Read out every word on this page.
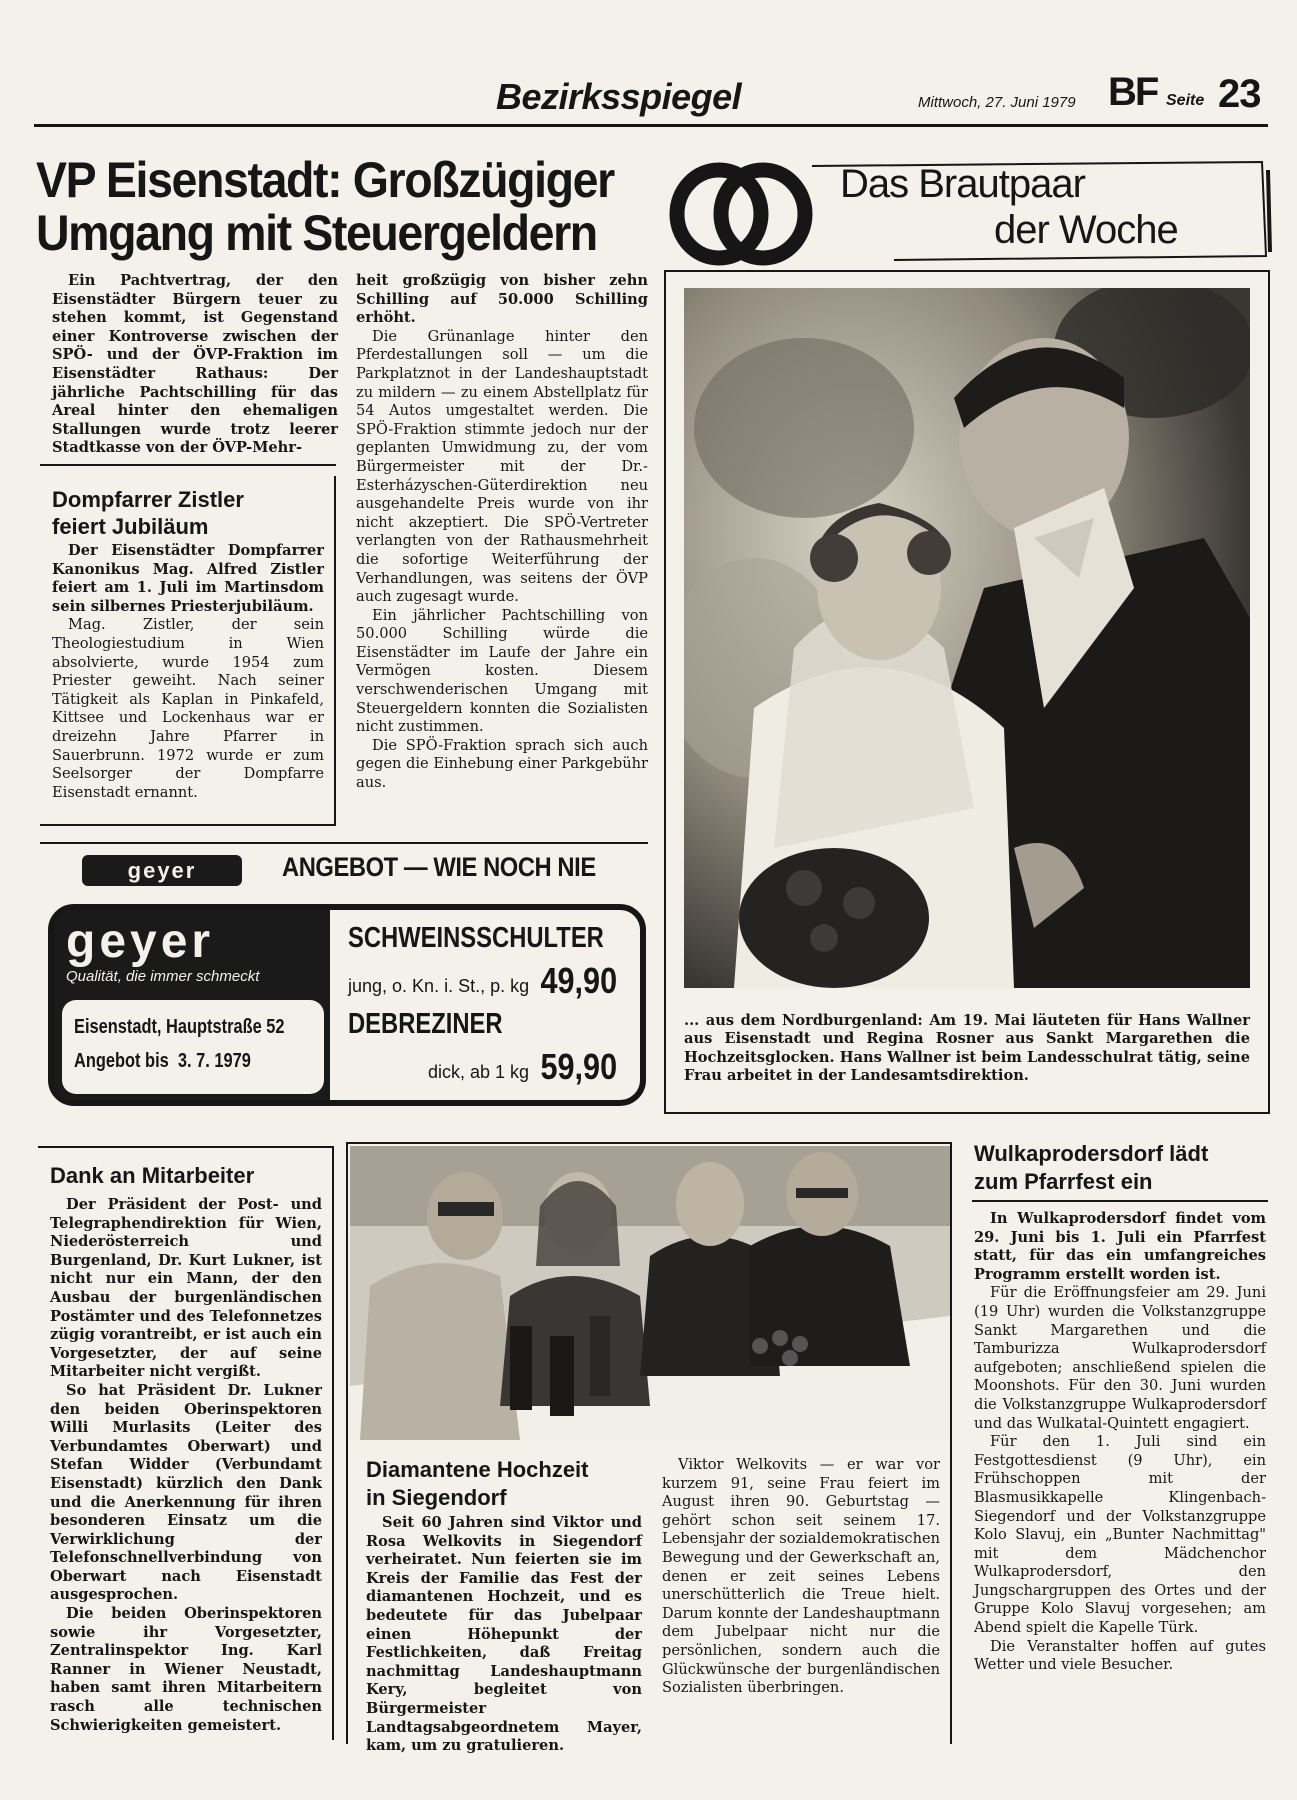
Bezirksspiegel	Mittwoch, 27. Juni 1979 BF Seite 23
VP Eisenstadt: Großzügiger
Umgang mit Steuergeldern

Ein Pachtvertrag, der den Eisenstädter Bürgern teuer zu stehen kommt, ist Gegenstand einer Kontroverse zwischen der SPÖ- und der ÖVP-Fraktion im Eisenstädter Rathaus: Der jährliche Pachtschilling für das Areal hinter den ehemaligen Stallungen wurde trotz leerer Stadtkasse von der ÖVP-Mehr-

heit großzügig von bisher zehn Schilling auf 50.000 Schilling erhöht.

Die Grünanlage hinter den Pferdestallungen soll — um die Parkplatznot in der Landeshauptstadt zu mildern — zu einem Abstellplatz für 54 Autos umgestaltet werden. Die SPÖ-Fraktion stimmte jedoch nur der geplanten Umwidmung zu, der vom Bürgermeister mit der Dr.-Esterházyschen-Güterdirektion neu ausgehandelte Preis wurde von ihr nicht akzeptiert. Die SPÖ-Vertreter verlangten von der Rathausmehrheit die sofortige Weiterführung der Verhandlungen, was seitens der ÖVP auch zugesagt wurde.

Ein jährlicher Pachtschilling von 50.000 Schilling würde die Eisenstädter im Laufe der Jahre ein Vermögen kosten. Diesem verschwenderischen Umgang mit Steuergeldern konnten die Sozialisten nicht zustimmen.

Die SPÖ-Fraktion sprach sich auch gegen die Einhebung einer Parkgebühr aus.

Dompfarrer Zistler
feiert Jubiläum

Der Eisenstädter Dompfarrer Kanonikus Mag. Alfred Zistler feiert am 1. Juli im Martinsdom sein silbernes Priesterjubiläum.

Mag. Zistler, der sein Theologiestudium in Wien absolvierte, wurde 1954 zum Priester geweiht. Nach seiner Tätigkeit als Kaplan in Pinkafeld, Kittsee und Lockenhaus war er dreizehn Jahre Pfarrer in Sauerbrunn. 1972 wurde er zum Seelsorger der Dompfarre Eisenstadt ernannt.

Das Brautpaar
der Woche
... aus dem Nordburgenland: Am 19. Mai läuteten für Hans Wallner aus Eisenstadt und Regina Rosner aus Sankt Margarethen die Hochzeitsglocken. Hans Wallner ist beim Landesschulrat tätig, seine Frau arbeitet in der Landesamtsdirektion.
geyer	ANGEBOT — WIE NOCH NIE
geyer
Qualität, die immer schmeckt
Eisenstadt, Hauptstraße 52
Angebot bis  3. 7. 1979
SCHWEINSSCHULTER
jung, o. Kn. i. St., p. kg 49,90
DEBREZINER
dick, ab 1 kg 59,90
Dank an Mitarbeiter

Der Präsident der Post- und Telegraphendirektion für Wien, Niederösterreich und Burgenland, Dr. Kurt Lukner, ist nicht nur ein Mann, der den Ausbau der burgenländischen Postämter und des Telefonnetzes zügig vorantreibt, er ist auch ein Vorgesetzter, der auf seine Mitarbeiter nicht vergißt.

So hat Präsident Dr. Lukner den beiden Oberinspektoren Willi Murlasits (Leiter des Verbundamtes Oberwart) und Stefan Widder (Verbundamt Eisenstadt) kürzlich den Dank und die Anerkennung für ihren besonderen Einsatz um die Verwirklichung der Telefonschnellverbindung von Oberwart nach Eisenstadt ausgesprochen.

Die beiden Oberinspektoren sowie ihr Vorgesetzter, Zentralinspektor Ing. Karl Ranner in Wiener Neustadt, haben samt ihren Mitarbeitern rasch alle technischen Schwierigkeiten gemeistert.

Diamantene Hochzeit
in Siegendorf

Seit 60 Jahren sind Viktor und Rosa Welkovits in Siegendorf verheiratet. Nun feierten sie im Kreis der Familie das Fest der diamantenen Hochzeit, und es bedeutete für das Jubelpaar einen Höhepunkt der Festlichkeiten, daß Freitag nachmittag Landeshauptmann Kery, begleitet von Bürgermeister Landtagsabgeordnetem Mayer, kam, um zu gratulieren.

Viktor Welkovits — er war vor kurzem 91, seine Frau feiert im August ihren 90. Geburtstag — gehört schon seit seinem 17. Lebensjahr der sozialdemokratischen Bewegung und der Gewerkschaft an, denen er zeit seines Lebens unerschütterlich die Treue hielt. Darum konnte der Landeshauptmann dem Jubelpaar nicht nur die persönlichen, sondern auch die Glückwünsche der burgenländischen Sozialisten überbringen.

Wulkaprodersdorf lädt
zum Pfarrfest ein

In Wulkaprodersdorf findet vom 29. Juni bis 1. Juli ein Pfarrfest statt, für das ein umfangreiches Programm erstellt worden ist.

Für die Eröffnungsfeier am 29. Juni (19 Uhr) wurden die Volkstanzgruppe Sankt Margarethen und die Tamburizza Wulkaprodersdorf aufgeboten; anschließend spielen die Moonshots. Für den 30. Juni wurden die Volkstanzgruppe Wulkaprodersdorf und das Wulkatal-Quintett engagiert.

Für den 1. Juli sind ein Festgottesdienst (9 Uhr), ein Frühschoppen mit der Blasmusikkapelle Klingenbach-Siegendorf und der Volkstanzgruppe Kolo Slavuj, ein „Bunter Nachmittag" mit dem Mädchenchor Wulkaprodersdorf, den Jungschargruppen des Ortes und der Gruppe Kolo Slavuj vorgesehen; am Abend spielt die Kapelle Türk.

Die Veranstalter hoffen auf gutes Wetter und viele Besucher.
